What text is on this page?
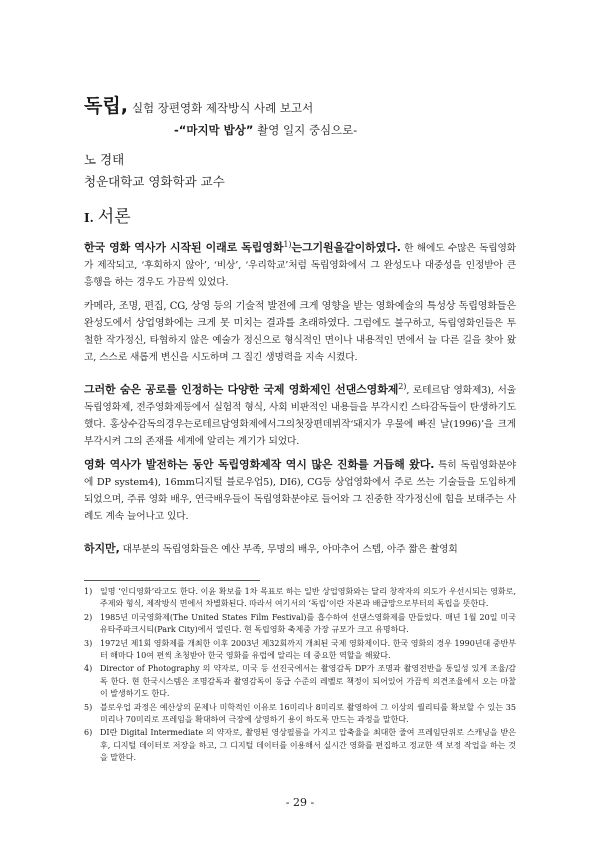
독립, 실험 장편영화 제작방식 사례 보고서
-“마지막 밥상” 촬영 일지 중심으로-
노 경태
청운대학교 영화학과 교수
I. 서론
한국 영화 역사가 시작된 이래로 독립영화$^{1)}$는그기원을같이하였다. 한 해에도 수많은 독립영화가 제작되고, ‘후회하지 않아’, ‘비상’, ‘우리학교’처럼 독립영화에서 그 완성도나 대중성을 인정받아 큰 흥행을 하는 경우도 가끔씩 있었다.
카메라, 조명, 편집, CG, 상영 등의 기술적 발전에 크게 영향을 받는 영화예술의 특성상 독립영화들은 완성도에서 상업영화에는 크게 못 미치는 결과를 초래하였다. 그럼에도 불구하고, 독립영화인들은 투철한 작가정신, 타협하지 않은 예술가 정신으로 형식적인 면이나 내용적인 면에서 늘 다른 길을 찾아 왔고, 스스로 새롭게 변신을 시도하며 그 질긴 생명력을 지속 시켰다.
그러한 숨은 공로를 인정하는 다양한 국제 영화제인 선댄스영화제$^{2)}$, 로테르담 영화제3), 서울독립영화제, 전주영화제등에서 실험적 형식, 사회 비판적인 내용들을 부각시킨 스타감독들이 탄생하기도 했다. 홍상수감독의경우는로테르담영화제에서그의첫장편데뷔작‘돼지가 우물에 빠진 날(1996)’을 크게 부각시켜 그의 존재를 세계에 알리는 계기가 되었다.
영화 역사가 발전하는 동안 독립영화제작 역시 많은 진화를 거듭해 왔다. 특히 독립영화분야에 DP system4), 16mm디지털 블로우업5), DI6), CG등 상업영화에서 주로 쓰는 기술들을 도입하게 되었으며, 주류 영화 배우, 연극배우들이 독립영화분야로 들어와 그 진중한 작가정신에 힘을 보태주는 사례도 계속 늘어나고 있다.
하지만, 대부분의 독립영화들은 예산 부족, 무명의 배우, 아마추어 스텝, 아주 짧은 촬영회
1) 일명 ‘인디영화’라고도 한다. 이윤 확보를 1차 목표로 하는 일반 상업영화와는 달리 창작자의 의도가 우선시되는 영화로, 주제와 형식, 제작방식 면에서 차별화된다. 따라서 여기서의 ‘독립’이란 자본과 배급망으로부터의 독립을 뜻한다.
2) 1985년 미국영화제(The United States Film Festival)를 흡수하여 선댄스영화제를 만들었다. 매년 1월 20일 미국 유타주파크시티(Park City)에서 열린다. 현 독립영화 축제중 가장 규모가 크고 유명하다.
3) 1972년 제1회 영화제를 개최한 이후 2003년 제32회까지 개최된 국제 영화제이다. 한국 영화의 경우 1990년대 중반부터 해마다 10여 편씩 초청받아 한국 영화를 유럽에 알리는 데 중요한 역할을 해왔다.
4) Director of Photography 의 약자로, 미국 등 선진국에서는 촬영감독 DP가 조명과 촬영전반을 통일성 있게 조율/감독 한다. 현 한국시스템은 조명감독과 촬영감독이 동급 수준의 레벨로 책정이 되어있어 가끔씩 의견조율에서 오는 마찰이 발생하기도 한다.
5) 블로우업 과정은 예산상의 문제나 미학적인 이유로 16미리나 8미리로 촬영하여 그 이상의 퀄리티를 확보할 수 있는 35미리나 70미리로 프레임을 확대하여 극장에 상영하기 용이 하도록 만드는 과정을 말한다.
6) DI란 Digital Intermediate 의 약자로, 촬영된 영상필름을 가지고 압축율을 최대한 줄여 프레임단위로 스캐닝을 받은 후, 디지털 데이터로 저장을 하고, 그 디지털 데이터를 이용해서 실시간 영화를 편집하고 정교한 색 보정 작업을 하는 것을 말한다.
- 29 -
